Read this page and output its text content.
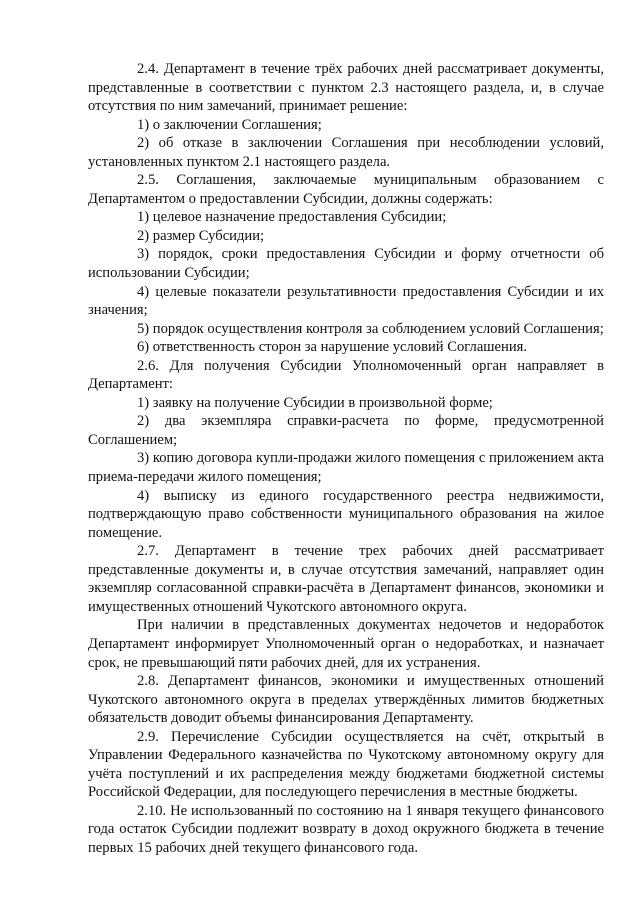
2.4. Департамент в течение трёх рабочих дней рассматривает документы, представленные в соответствии с пунктом 2.3 настоящего раздела, и, в случае отсутствия по ним замечаний, принимает решение:

1) о заключении Соглашения;

2) об отказе в заключении Соглашения при несоблюдении условий, установленных пунктом 2.1 настоящего раздела.

2.5. Соглашения, заключаемые муниципальным образованием с Департаментом о предоставлении Субсидии, должны содержать:

1) целевое назначение предоставления Субсидии;

2) размер Субсидии;

3) порядок, сроки предоставления Субсидии и форму отчетности об использовании Субсидии;

4) целевые показатели результативности предоставления Субсидии и их значения;

5) порядок осуществления контроля за соблюдением условий Соглашения;

6) ответственность сторон за нарушение условий Соглашения.

2.6. Для получения Субсидии Уполномоченный орган направляет в Департамент:

1) заявку на получение Субсидии в произвольной форме;

2) два экземпляра справки-расчета по форме, предусмотренной Соглашением;

3) копию договора купли-продажи жилого помещения с приложением акта приема-передачи жилого помещения;

4) выписку из единого государственного реестра недвижимости, подтверждающую право собственности муниципального образования на жилое помещение.

2.7. Департамент в течение трех рабочих дней рассматривает представленные документы и, в случае отсутствия замечаний, направляет один экземпляр согласованной справки-расчёта в Департамент финансов, экономики и имущественных отношений Чукотского автономного округа.

При наличии в представленных документах недочетов и недоработок Департамент информирует Уполномоченный орган о недоработках, и назначает срок, не превышающий пяти рабочих дней, для их устранения.

2.8. Департамент финансов, экономики и имущественных отношений Чукотского автономного округа в пределах утверждённых лимитов бюджетных обязательств доводит объемы финансирования Департаменту.

2.9. Перечисление Субсидии осуществляется на счёт, открытый в Управлении Федерального казначейства по Чукотскому автономному округу для учёта поступлений и их распределения между бюджетами бюджетной системы Российской Федерации, для последующего перечисления в местные бюджеты.

2.10. Не использованный по состоянию на 1 января текущего финансового года остаток Субсидии подлежит возврату в доход окружного бюджета в течение первых 15 рабочих дней текущего финансового года.
